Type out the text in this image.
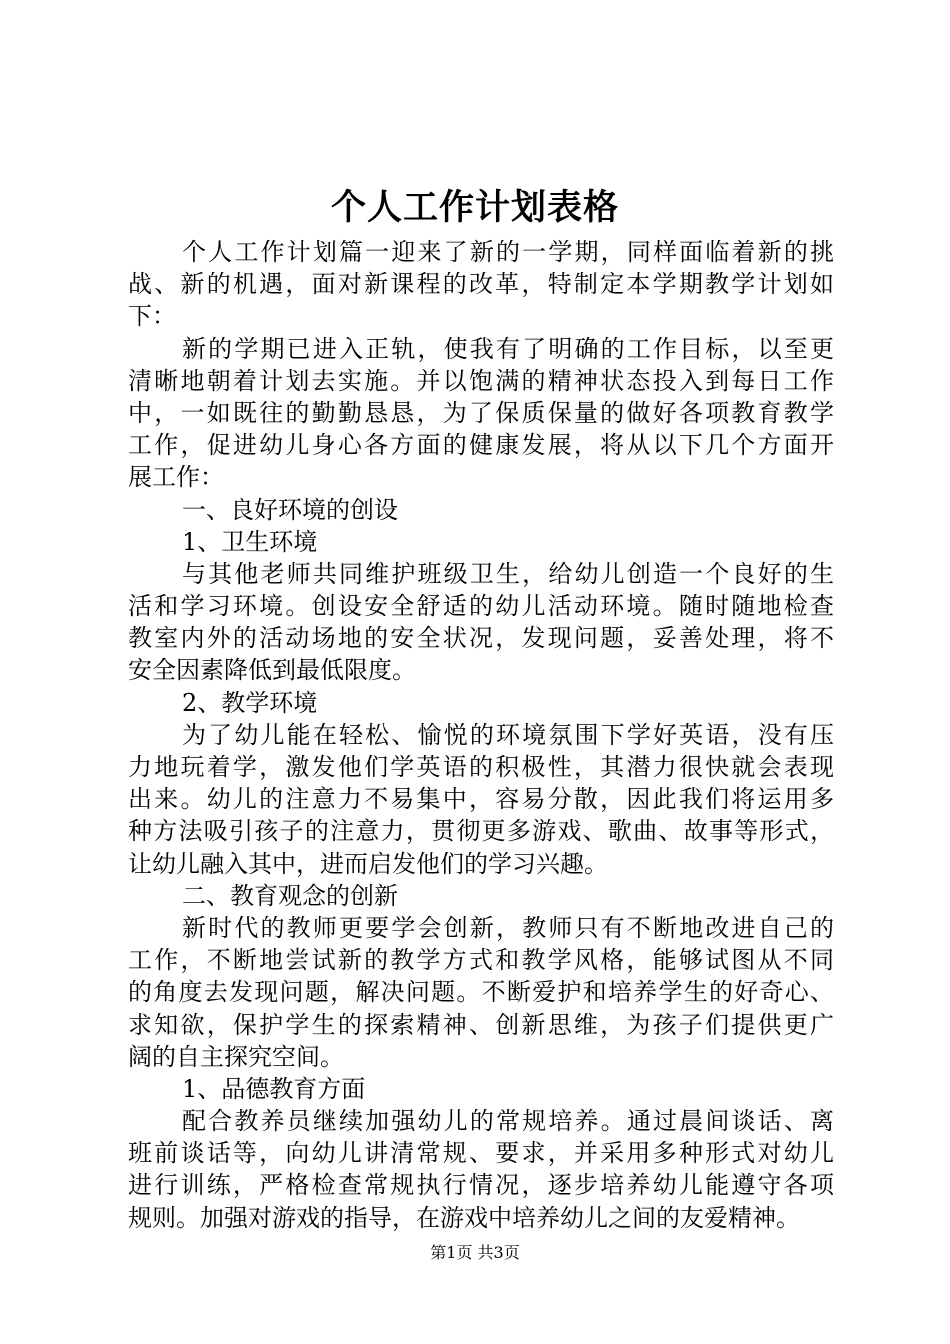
个人工作计划表格
个人工作计划篇一迎来了新的一学期，同样面临着新的挑
战、新的机遇，面对新课程的改革，特制定本学期教学计划如
下：
新的学期已进入正轨，使我有了明确的工作目标，以至更
清晰地朝着计划去实施。并以饱满的精神状态投入到每日工作
中，一如既往的勤勤恳恳，为了保质保量的做好各项教育教学
工作，促进幼儿身心各方面的健康发展，将从以下几个方面开
展工作：
一、良好环境的创设
1、卫生环境
与其他老师共同维护班级卫生，给幼儿创造一个良好的生
活和学习环境。创设安全舒适的幼儿活动环境。随时随地检查
教室内外的活动场地的安全状况，发现问题，妥善处理，将不
安全因素降低到最低限度。
2、教学环境
为了幼儿能在轻松、愉悦的环境氛围下学好英语，没有压
力地玩着学，激发他们学英语的积极性，其潜力很快就会表现
出来。幼儿的注意力不易集中，容易分散，因此我们将运用多
种方法吸引孩子的注意力，贯彻更多游戏、歌曲、故事等形式，
让幼儿融入其中，进而启发他们的学习兴趣。
二、教育观念的创新
新时代的教师更要学会创新，教师只有不断地改进自己的
工作，不断地尝试新的教学方式和教学风格，能够试图从不同
的角度去发现问题，解决问题。不断爱护和培养学生的好奇心、
求知欲，保护学生的探索精神、创新思维，为孩子们提供更广
阔的自主探究空间。
1、品德教育方面
配合教养员继续加强幼儿的常规培养。通过晨间谈话、离
班前谈话等，向幼儿讲清常规、要求，并采用多种形式对幼儿
进行训练，严格检查常规执行情况，逐步培养幼儿能遵守各项
规则。加强对游戏的指导，在游戏中培养幼儿之间的友爱精神。
第1页 共3页
